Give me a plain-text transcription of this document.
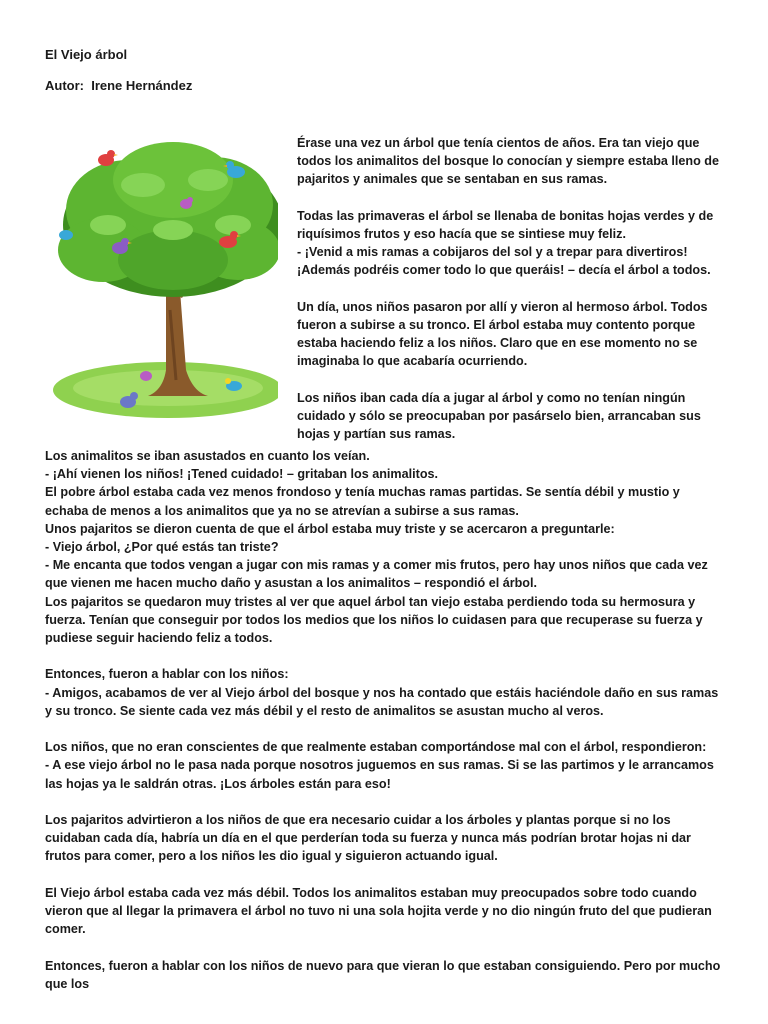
El Viejo árbol

Autor:  Irene Hernández

Érase una vez un árbol que tenía cientos de años. Era tan viejo que todos los animalitos del bosque lo conocían y siempre estaba lleno de pajaritos y animales que se sentaban en sus ramas.

Todas las primaveras el árbol se llenaba de bonitas hojas verdes y de riquísimos frutos y eso hacía que se sintiese muy feliz.

- ¡Venid a mis ramas a cobijaros del sol y a trepar para divertiros! ¡Además podréis comer todo lo que queráis! – decía el árbol a todos.

Un día, unos niños pasaron por allí y vieron al hermoso árbol. Todos fueron a subirse a su tronco. El árbol estaba muy contento porque estaba haciendo feliz a los niños. Claro que en ese momento no se imaginaba lo que acabaría ocurriendo.

Los niños iban cada día a jugar al árbol y como no tenían ningún cuidado y sólo se preocupaban por pasárselo bien, arrancaban sus hojas y partían sus ramas.

Los animalitos se iban asustados en cuanto los veían.

- ¡Ahí vienen los niños! ¡Tened cuidado! – gritaban los animalitos.

El pobre árbol estaba cada vez menos frondoso y tenía muchas ramas partidas. Se sentía débil y mustio y echaba de menos a los animalitos que ya no se atrevían a subirse a sus ramas.

Unos pajaritos se dieron cuenta de que el árbol estaba muy triste y se acercaron a preguntarle:

- Viejo árbol, ¿Por qué estás tan triste?

- Me encanta que todos vengan a jugar con mis ramas y a comer mis frutos, pero hay unos niños que cada vez que vienen me hacen mucho daño y asustan a los animalitos – respondió el árbol.

Los pajaritos se quedaron muy tristes al ver que aquel árbol tan viejo estaba perdiendo toda su hermosura y fuerza. Tenían que conseguir por todos los medios que los niños lo cuidasen para que recuperase su fuerza y pudiese seguir haciendo feliz a todos.

Entonces, fueron a hablar con los niños:

- Amigos, acabamos de ver al Viejo árbol del bosque y nos ha contado que estáis haciéndole daño en sus ramas y su tronco. Se siente cada vez más débil y el resto de animalitos se asustan mucho al veros.

Los niños, que no eran conscientes de que realmente estaban comportándose mal con el árbol, respondieron:

- A ese viejo árbol no le pasa nada porque nosotros juguemos en sus ramas. Si se las partimos y le arrancamos las hojas ya le saldrán otras. ¡Los árboles están para eso!

Los pajaritos advirtieron a los niños de que era necesario cuidar a los árboles y plantas porque si no los cuidaban cada día, habría un día en el que perderían toda su fuerza y nunca más podrían brotar hojas ni dar frutos para comer, pero a los niños les dio igual y siguieron actuando igual.

El Viejo árbol estaba cada vez más débil. Todos los animalitos estaban muy preocupados sobre todo cuando vieron que al llegar la primavera el árbol no tuvo ni una sola hojita verde y no dio ningún fruto del que pudieran comer.

Entonces, fueron a hablar con los niños de nuevo para que vieran lo que estaban consiguiendo. Pero por mucho que los
